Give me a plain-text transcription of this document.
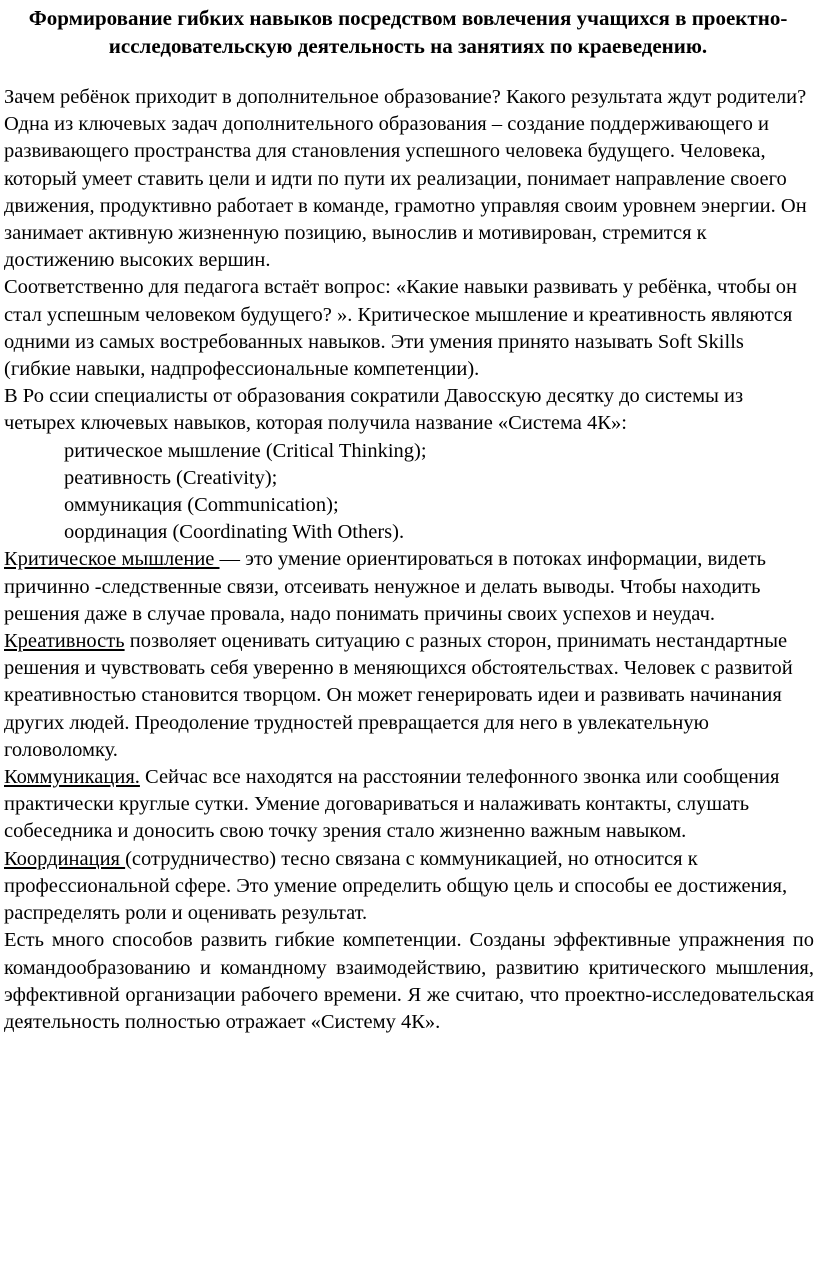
Формирование гибких навыков посредством вовлечения учащихся в проектно-исследовательскую деятельность на занятиях по краеведению.

Зачем ребёнок приходит в дополнительное образование? Какого результата ждут родители? Одна из ключевых задач дополнительного образования – создание поддерживающего и развивающего пространства для становления успешного человека будущего. Человека, который умеет ставить цели и идти по пути их реализации, понимает направление своего движения, продуктивно работает в команде, грамотно управляя своим уровнем энергии. Он занимает активную жизненную позицию, вынослив и мотивирован, стремится к достижению высоких вершин.

Соответственно для педагога встаёт вопрос: «Какие навыки развивать у ребёнка, чтобы он стал успешным человеком будущего? ». Критическое мышление и креативность являются одними из самых востребованных навыков. Эти умения принято называть Soft Skills (гибкие навыки, надпрофессиональные компетенции).

В Ро ссии специалисты от образования сократили Давосскую десятку до системы из четырех ключевых навыков, которая получила название «Система 4К»:

ритическое мышление (Critical Thinking);
реативность (Creativity);
оммуникация (Communication);
оординация (Coordinating With Others).

Критическое мышление — это умение ориентироваться в потоках информации, видеть причинно -следственные связи, отсеивать ненужное и делать выводы. Чтобы находить решения даже в случае провала, надо понимать причины своих успехов и неудач.

Креативность позволяет оценивать ситуацию с разных сторон, принимать нестандартные решения и чувствовать себя уверенно в меняющихся обстоятельствах. Человек с развитой креативностью становится творцом. Он может генерировать идеи и развивать начинания других людей. Преодоление трудностей превращается для него в увлекательную головоломку.

Коммуникация. Сейчас все находятся на расстоянии телефонного звонка или сообщения практически круглые сутки. Умение договариваться и налаживать контакты, слушать собеседника и доносить свою точку зрения стало жизненно важным навыком.

Координация (сотрудничество) тесно связана с коммуникацией, но относится к профессиональной сфере. Это умение определить общую цель и способы ее достижения, распределять роли и оценивать результат.

Есть много способов развить гибкие компетенции. Созданы эффективные упражнения по командообразованию и командному взаимодействию, развитию критического мышления, эффективной организации рабочего времени. Я же считаю, что проектно-исследовательская деятельность полностью отражает «Систему 4К».
